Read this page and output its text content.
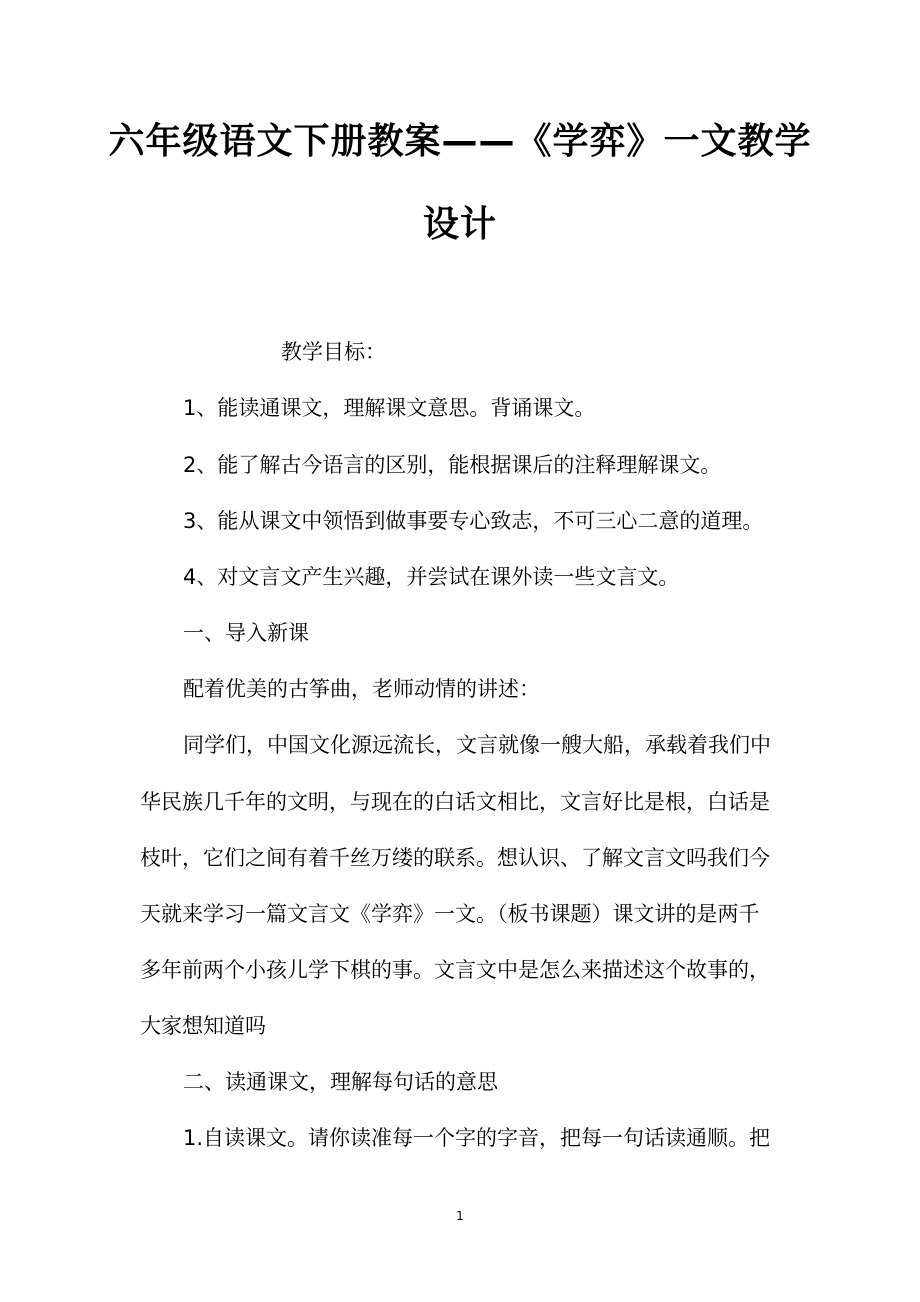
六年级语文下册教案——《学弈》一文教学
设计
教学目标：
1、能读通课文，理解课文意思。背诵课文。
2、能了解古今语言的区别，能根据课后的注释理解课文。
3、能从课文中领悟到做事要专心致志，不可三心二意的道理。
4、对文言文产生兴趣，并尝试在课外读一些文言文。
一、导入新课
配着优美的古筝曲，老师动情的讲述：
同学们，中国文化源远流长，文言就像一艘大船，承载着我们中
华民族几千年的文明，与现在的白话文相比，文言好比是根，白话是
枝叶，它们之间有着千丝万缕的联系。想认识、了解文言文吗我们今
天就来学习一篇文言文《学弈》一文。（板书课题）课文讲的是两千
多年前两个小孩儿学下棋的事。文言文中是怎么来描述这个故事的，
大家想知道吗
二、读通课文，理解每句话的意思
1.自读课文。请你读准每一个字的字音，把每一句话读通顺。把
1
